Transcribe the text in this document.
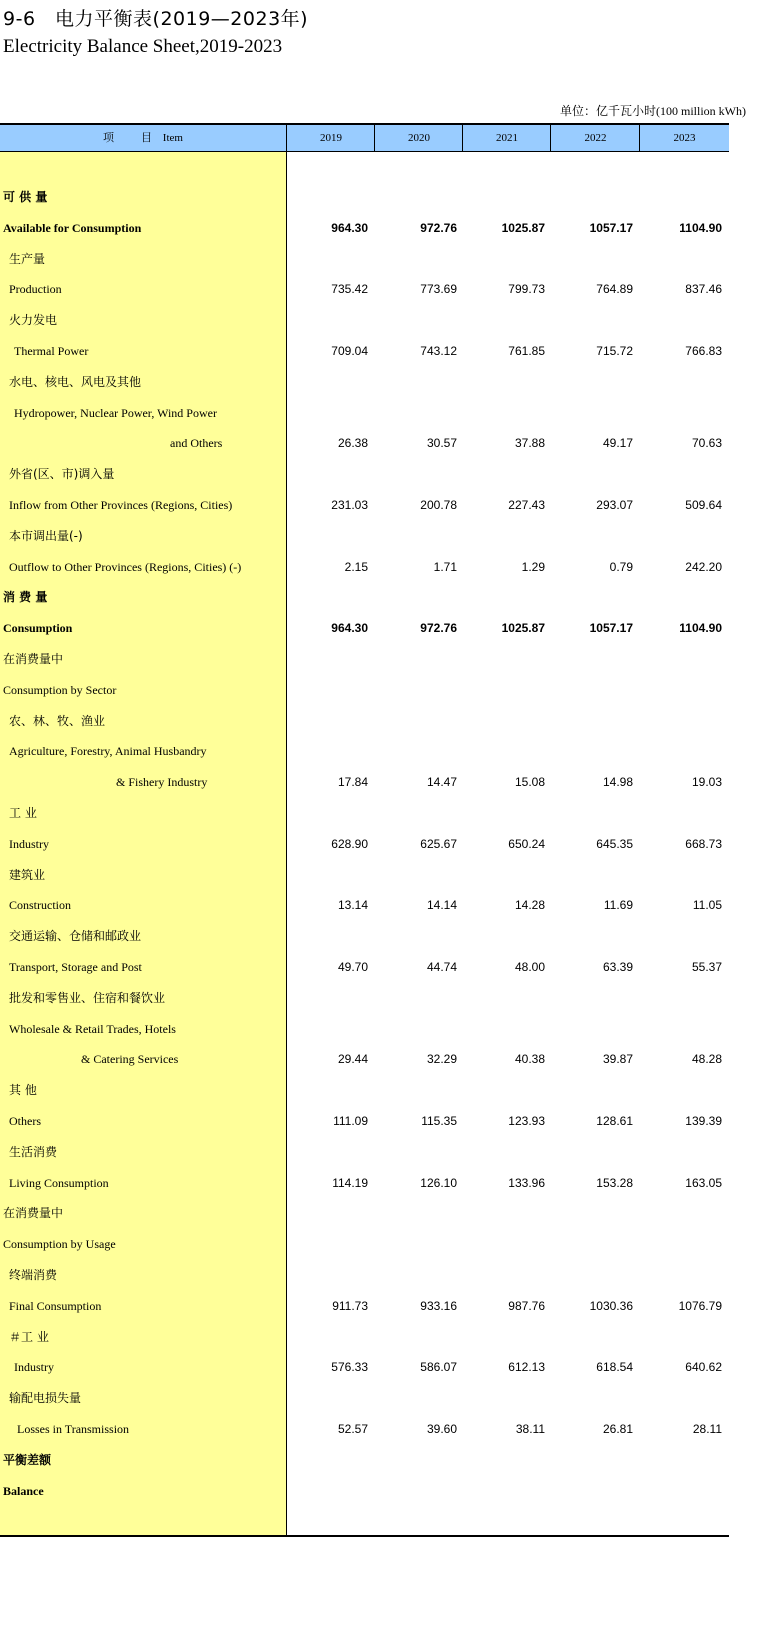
9-6　电力平衡表(2019—2023年)
Electricity Balance Sheet,2019-2023
单位：亿千瓦小时(100 million kWh)
项　目 Item	2019	2020	2021	2022	2023
可 供 量
Available for Consumption	964.30	972.76	1025.87	1057.17	1104.90
生产量
Production	735.42	773.69	799.73	764.89	837.46
火力发电
Thermal Power	709.04	743.12	761.85	715.72	766.83
水电、核电、风电及其他
Hydropower, Nuclear Power, Wind Power
and Others	26.38	30.57	37.88	49.17	70.63
外省(区、市)调入量
Inflow from Other Provinces (Regions, Cities)	231.03	200.78	227.43	293.07	509.64
本市调出量(-)
Outflow to Other Provinces (Regions, Cities) (-)	2.15	1.71	1.29	0.79	242.20
消 费 量
Consumption	964.30	972.76	1025.87	1057.17	1104.90
在消费量中
Consumption by Sector
农、林、牧、渔业
Agriculture, Forestry, Animal Husbandry
& Fishery Industry	17.84	14.47	15.08	14.98	19.03
工 业
Industry	628.90	625.67	650.24	645.35	668.73
建筑业
Construction	13.14	14.14	14.28	11.69	11.05
交通运输、仓储和邮政业
Transport, Storage and Post	49.70	44.74	48.00	63.39	55.37
批发和零售业、住宿和餐饮业
Wholesale & Retail Trades, Hotels
& Catering Services	29.44	32.29	40.38	39.87	48.28
其 他
Others	111.09	115.35	123.93	128.61	139.39
生活消费
Living Consumption	114.19	126.10	133.96	153.28	163.05
在消费量中
Consumption by Usage
终端消费
Final Consumption	911.73	933.16	987.76	1030.36	1076.79
＃工 业
Industry	576.33	586.07	612.13	618.54	640.62
输配电损失量
Losses in Transmission	52.57	39.60	38.11	26.81	28.11
平衡差额
Balance
